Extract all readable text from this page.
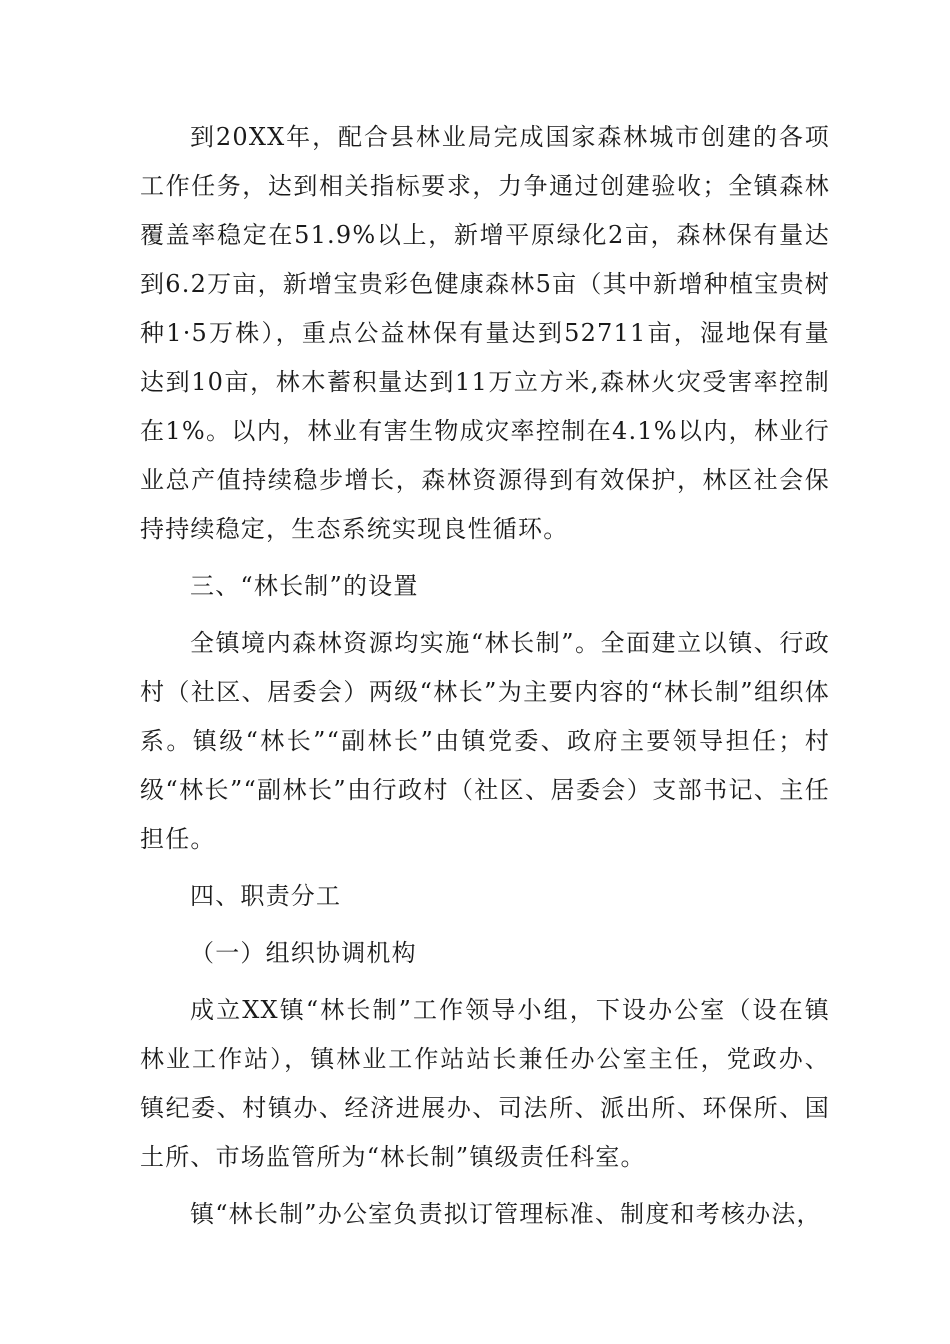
到20XX年，配合县林业局完成国家森林城市创建的各项工作任务，达到相关指标要求，力争通过创建验收；全镇森林覆盖率稳定在51.9%以上，新增平原绿化2亩，森林保有量达到6.2万亩，新增宝贵彩色健康森林5亩（其中新增种植宝贵树种1·5万株），重点公益林保有量达到52711亩，湿地保有量达到10亩，林木蓄积量达到11万立方米,森林火灾受害率控制在1%。以内，林业有害生物成灾率控制在4.1%以内，林业行业总产值持续稳步增长，森林资源得到有效保护，林区社会保持持续稳定，生态系统实现良性循环。

三、“林长制”的设置

全镇境内森林资源均实施“林长制”。全面建立以镇、行政村（社区、居委会）两级“林长”为主要内容的“林长制”组织体系。镇级“林长”“副林长”由镇党委、政府主要领导担任；村级“林长”“副林长”由行政村（社区、居委会）支部书记、主任担任。

四、职责分工

（一）组织协调机构

成立XX镇“林长制”工作领导小组，下设办公室（设在镇林业工作站），镇林业工作站站长兼任办公室主任，党政办、镇纪委、村镇办、经济进展办、司法所、派出所、环保所、国土所、市场监管所为“林长制”镇级责任科室。

镇“林长制”办公室负责拟订管理标准、制度和考核办法，
